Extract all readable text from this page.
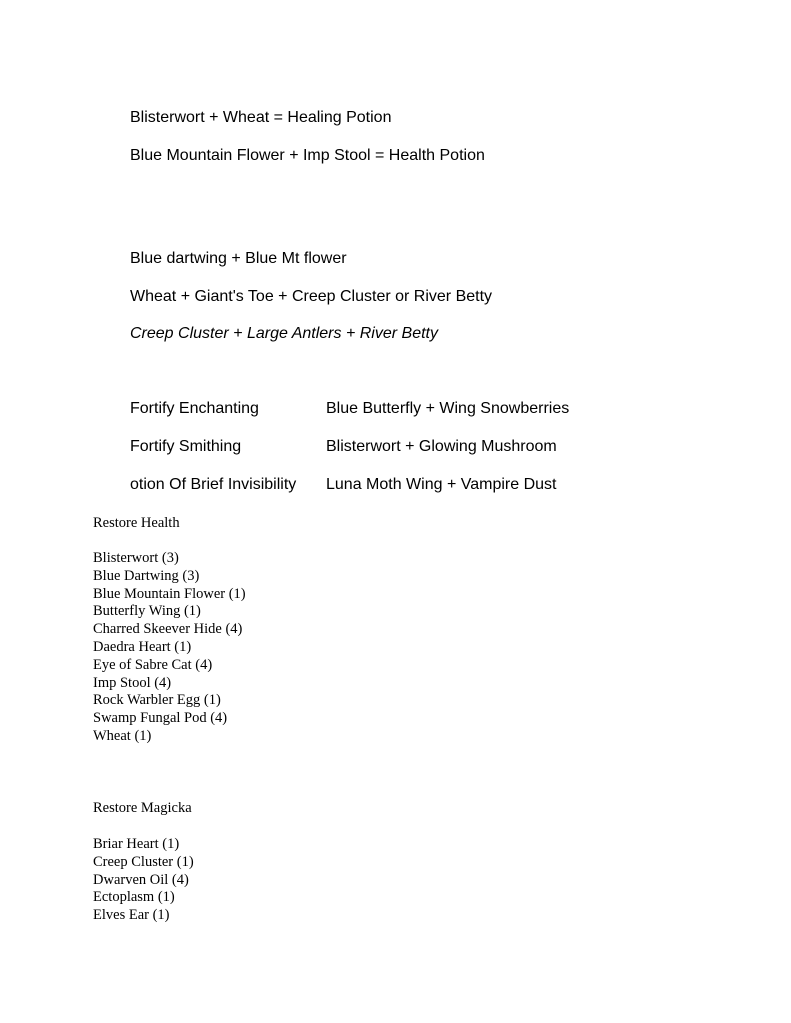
Blisterwort + Wheat = Healing Potion
Blue Mountain Flower + Imp Stool = Health Potion
Blue dartwing + Blue Mt flower
Wheat + Giant's Toe + Creep Cluster or River Betty
Creep Cluster + Large Antlers + River Betty
Fortify Enchanting	Blue Butterfly + Wing Snowberries
Fortify Smithing	Blisterwort + Glowing Mushroom
otion Of Brief Invisibility Luna Moth Wing + Vampire Dust
Restore Health
Blisterwort (3)
Blue Dartwing (3)
Blue Mountain Flower (1)
Butterfly Wing (1)
Charred Skeever Hide (4)
Daedra Heart (1)
Eye of Sabre Cat (4)
Imp Stool (4)
Rock Warbler Egg (1)
Swamp Fungal Pod (4)
Wheat (1)
Restore Magicka
Briar Heart (1)
Creep Cluster (1)
Dwarven Oil (4)
Ectoplasm (1)
Elves Ear (1)
